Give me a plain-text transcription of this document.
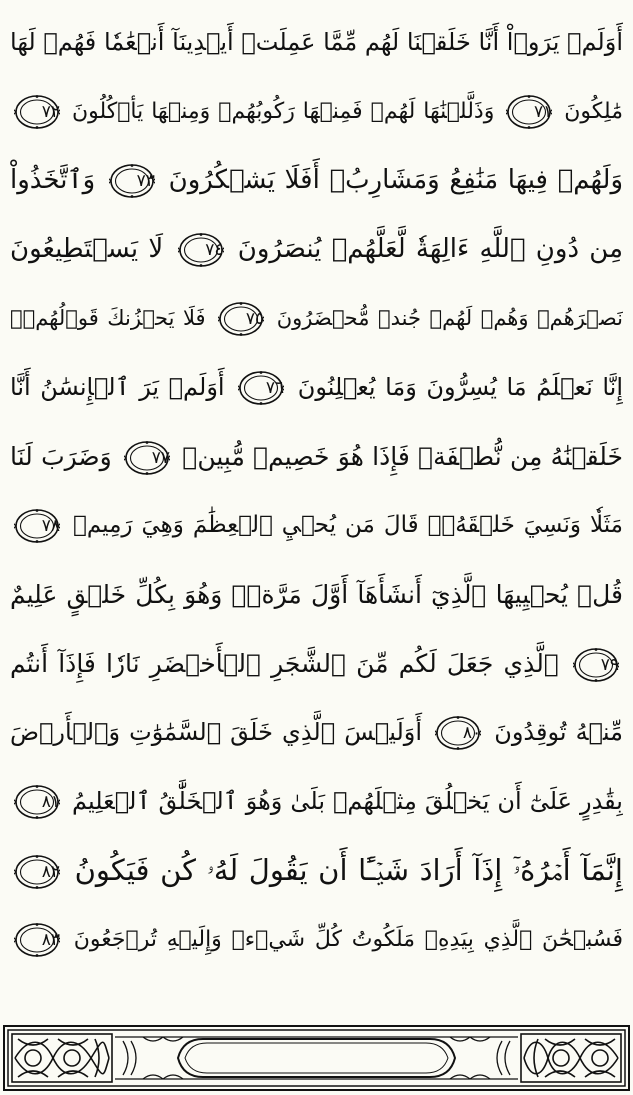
أَوَلَمۡ يَرَوۡاْ أَنَّا خَلَقۡنَا لَهُم مِّمَّا عَمِلَتۡ أَيۡدِينَآ أَنۡعَٰمٗا فَهُمۡ لَهَا
مَٰلِكُونَ
٧١
وَذَلَّلۡنَٰهَا لَهُمۡ فَمِنۡهَا رَكُوبُهُمۡ وَمِنۡهَا يَأۡكُلُونَ
٧٢
وَلَهُمۡ فِيهَا مَنَٰفِعُ وَمَشَارِبُۚ أَفَلَا يَشۡكُرُونَ
٧٣
وَٱتَّخَذُواْ
مِن دُونِ ٱللَّهِ ءَالِهَةٗ لَّعَلَّهُمۡ يُنصَرُونَ
٧٤
لَا يَسۡتَطِيعُونَ
نَصۡرَهُمۡ وَهُمۡ لَهُمۡ جُندٞ مُّحۡضَرُونَ
٧٥
فَلَا يَحۡزُنكَ قَوۡلُهُمۡۘ
إِنَّا نَعۡلَمُ مَا يُسِرُّونَ وَمَا يُعۡلِنُونَ
٧٦
أَوَلَمۡ يَرَ ٱلۡإِنسَٰنُ أَنَّا
خَلَقۡنَٰهُ مِن نُّطۡفَةٖ فَإِذَا هُوَ خَصِيمٞ مُّبِينٞ
٧٧
وَضَرَبَ لَنَا
مَثَلٗا وَنَسِيَ خَلۡقَهُۥۖ قَالَ مَن يُحۡيِ ٱلۡعِظَٰمَ وَهِيَ رَمِيمٞ
٧٨
قُلۡ يُحۡيِيهَا ٱلَّذِيٓ أَنشَأَهَآ أَوَّلَ مَرَّةٖۖ وَهُوَ بِكُلِّ خَلۡقٍ عَلِيمٌ
٧٩
ٱلَّذِي جَعَلَ لَكُم مِّنَ ٱلشَّجَرِ ٱلۡأَخۡضَرِ نَارٗا فَإِذَآ أَنتُم
مِّنۡهُ تُوقِدُونَ
٨٠
أَوَلَيۡسَ ٱلَّذِي خَلَقَ ٱلسَّمَٰوَٰتِ وَٱلۡأَرۡضَ
بِقَٰدِرٍ عَلَىٰٓ أَن يَخۡلُقَ مِثۡلَهُمۚ بَلَىٰ وَهُوَ ٱلۡخَلَّٰقُ ٱلۡعَلِيمُ
٨١
إِنَّمَآ أَمۡرُهُۥٓ إِذَآ أَرَادَ شَيۡـًٔا أَن يَقُولَ لَهُۥ كُن فَيَكُونُ
٨٢
فَسُبۡحَٰنَ ٱلَّذِي بِيَدِهِۦ مَلَكُوتُ كُلِّ شَيۡءٖ وَإِلَيۡهِ تُرۡجَعُونَ
٨٣
